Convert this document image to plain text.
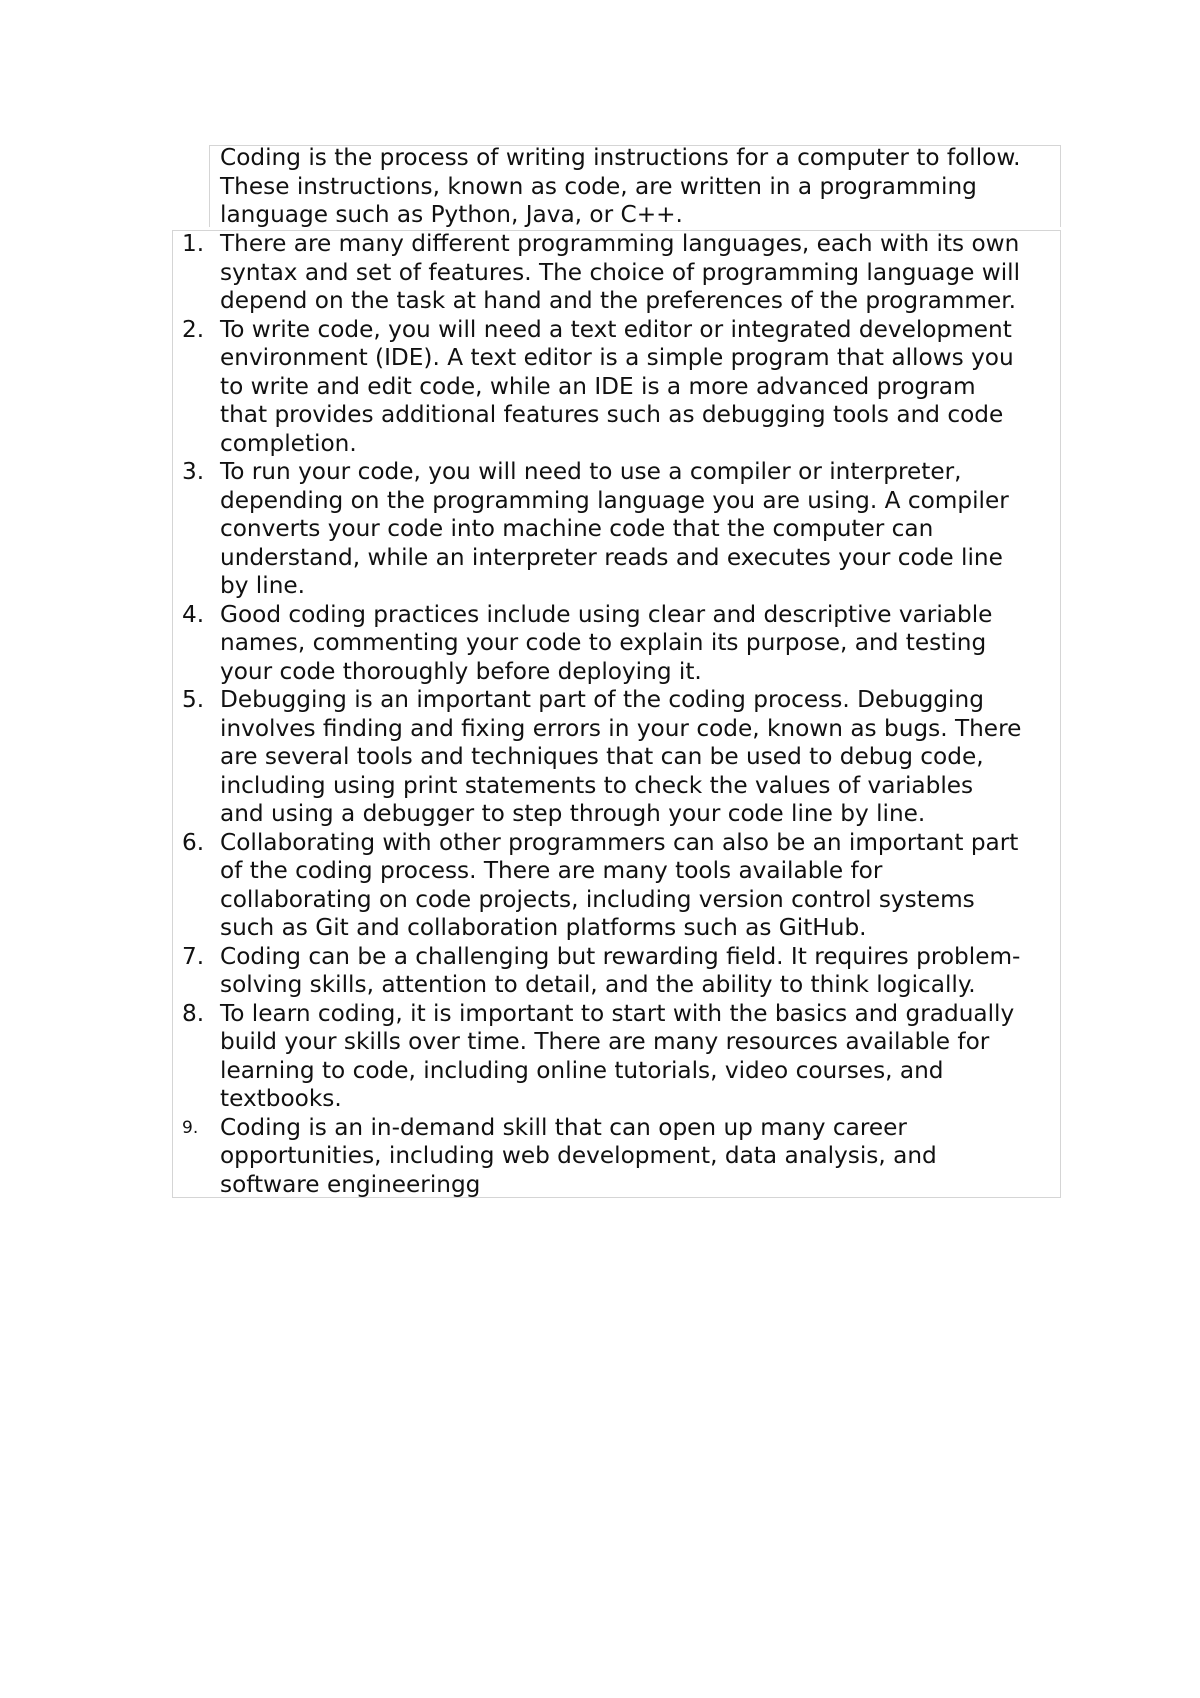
Coding is the process of writing instructions for a computer to follow.
These instructions, known as code, are written in a programming
language such as Python, Java, or C++.

1. There are many different programming languages, each with its own
syntax and set of features. The choice of programming language will
depend on the task at hand and the preferences of the programmer.
2. To write code, you will need a text editor or integrated development
environment (IDE). A text editor is a simple program that allows you
to write and edit code, while an IDE is a more advanced program
that provides additional features such as debugging tools and code
completion.
3. To run your code, you will need to use a compiler or interpreter,
depending on the programming language you are using. A compiler
converts your code into machine code that the computer can
understand, while an interpreter reads and executes your code line
by line.
4. Good coding practices include using clear and descriptive variable
names, commenting your code to explain its purpose, and testing
your code thoroughly before deploying it.
5. Debugging is an important part of the coding process. Debugging
involves finding and fixing errors in your code, known as bugs. There
are several tools and techniques that can be used to debug code,
including using print statements to check the values of variables
and using a debugger to step through your code line by line.
6. Collaborating with other programmers can also be an important part
of the coding process. There are many tools available for
collaborating on code projects, including version control systems
such as Git and collaboration platforms such as GitHub.
7. Coding can be a challenging but rewarding field. It requires problem-
solving skills, attention to detail, and the ability to think logically.
8. To learn coding, it is important to start with the basics and gradually
build your skills over time. There are many resources available for
learning to code, including online tutorials, video courses, and
textbooks.
9. Coding is an in-demand skill that can open up many career
opportunities, including web development, data analysis, and
software engineeringg
